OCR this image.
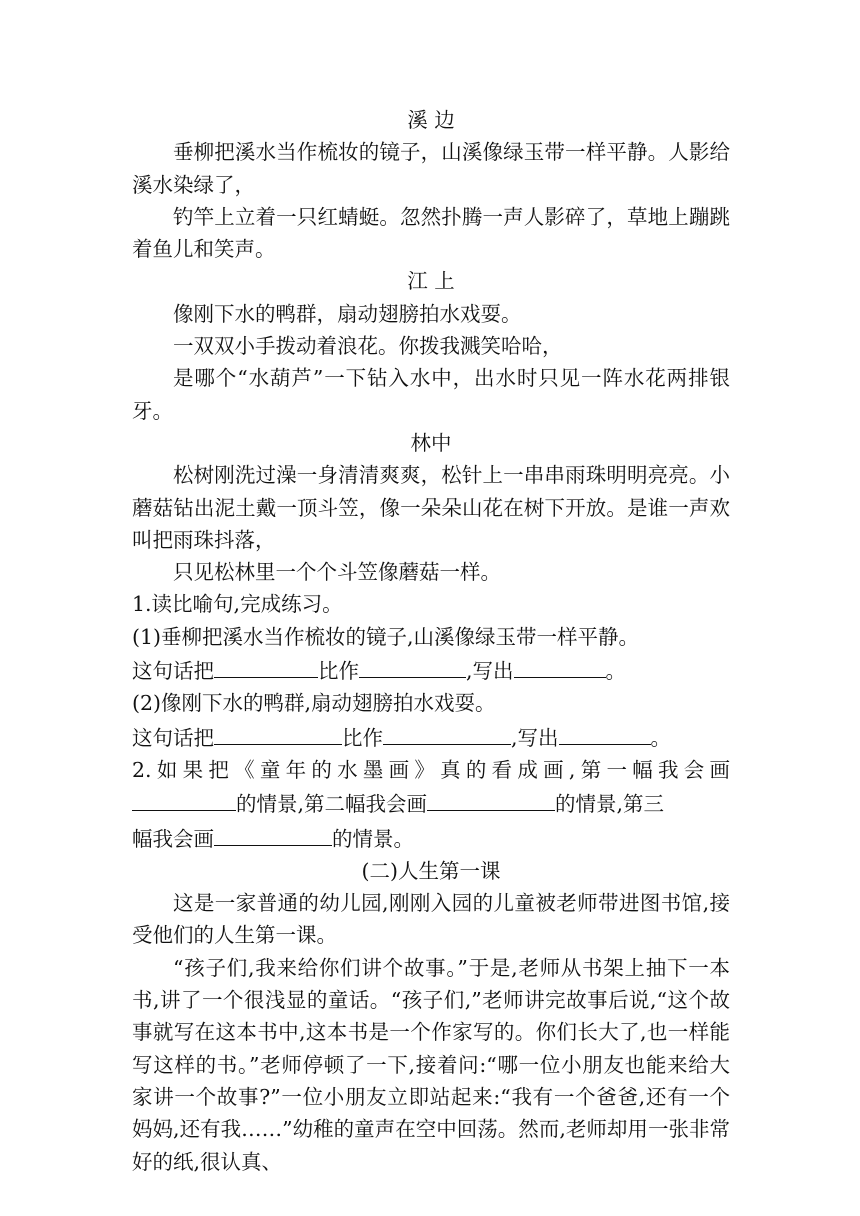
溪 边

垂柳把溪水当作梳妆的镜子，山溪像绿玉带一样平静。人影给溪水染绿了，

钓竿上立着一只红蜻蜓。忽然扑腾一声人影碎了，草地上蹦跳着鱼儿和笑声。

江 上

像刚下水的鸭群，扇动翅膀拍水戏耍。

一双双小手拨动着浪花。你拨我溅笑哈哈，

是哪个“水葫芦”一下钻入水中，出水时只见一阵水花两排银牙。

林中

松树刚洗过澡一身清清爽爽，松针上一串串雨珠明明亮亮。小蘑菇钻出泥土戴一顶斗笠，像一朵朵山花在树下开放。是谁一声欢叫把雨珠抖落，

只见松林里一个个斗笠像蘑菇一样。

1.读比喻句,完成练习。

(1)垂柳把溪水当作梳妆的镜子,山溪像绿玉带一样平静。

这句话把	比作	,写出	。

(2)像刚下水的鸭群,扇动翅膀拍水戏耍。

这句话把	比作	,写出	。

2.如果把《童年的水墨画》真的看成画,第一幅我会画

的情景,第二幅我会画	的情景,第三

幅我会画	的情景。

(二)人生第一课

这是一家普通的幼儿园,刚刚入园的儿童被老师带进图书馆,接受他们的人生第一课。

“孩子们,我来给你们讲个故事。”于是,老师从书架上抽下一本书,讲了一个很浅显的童话。“孩子们,”老师讲完故事后说,“这个故事就写在这本书中,这本书是一个作家写的。你们长大了,也一样能写这样的书。”老师停顿了一下,接着问:“哪一位小朋友也能来给大家讲一个故事?”一位小朋友立即站起来:“我有一个爸爸,还有一个妈妈,还有我……”幼稚的童声在空中回荡。然而,老师却用一张非常好的纸,很认真、
